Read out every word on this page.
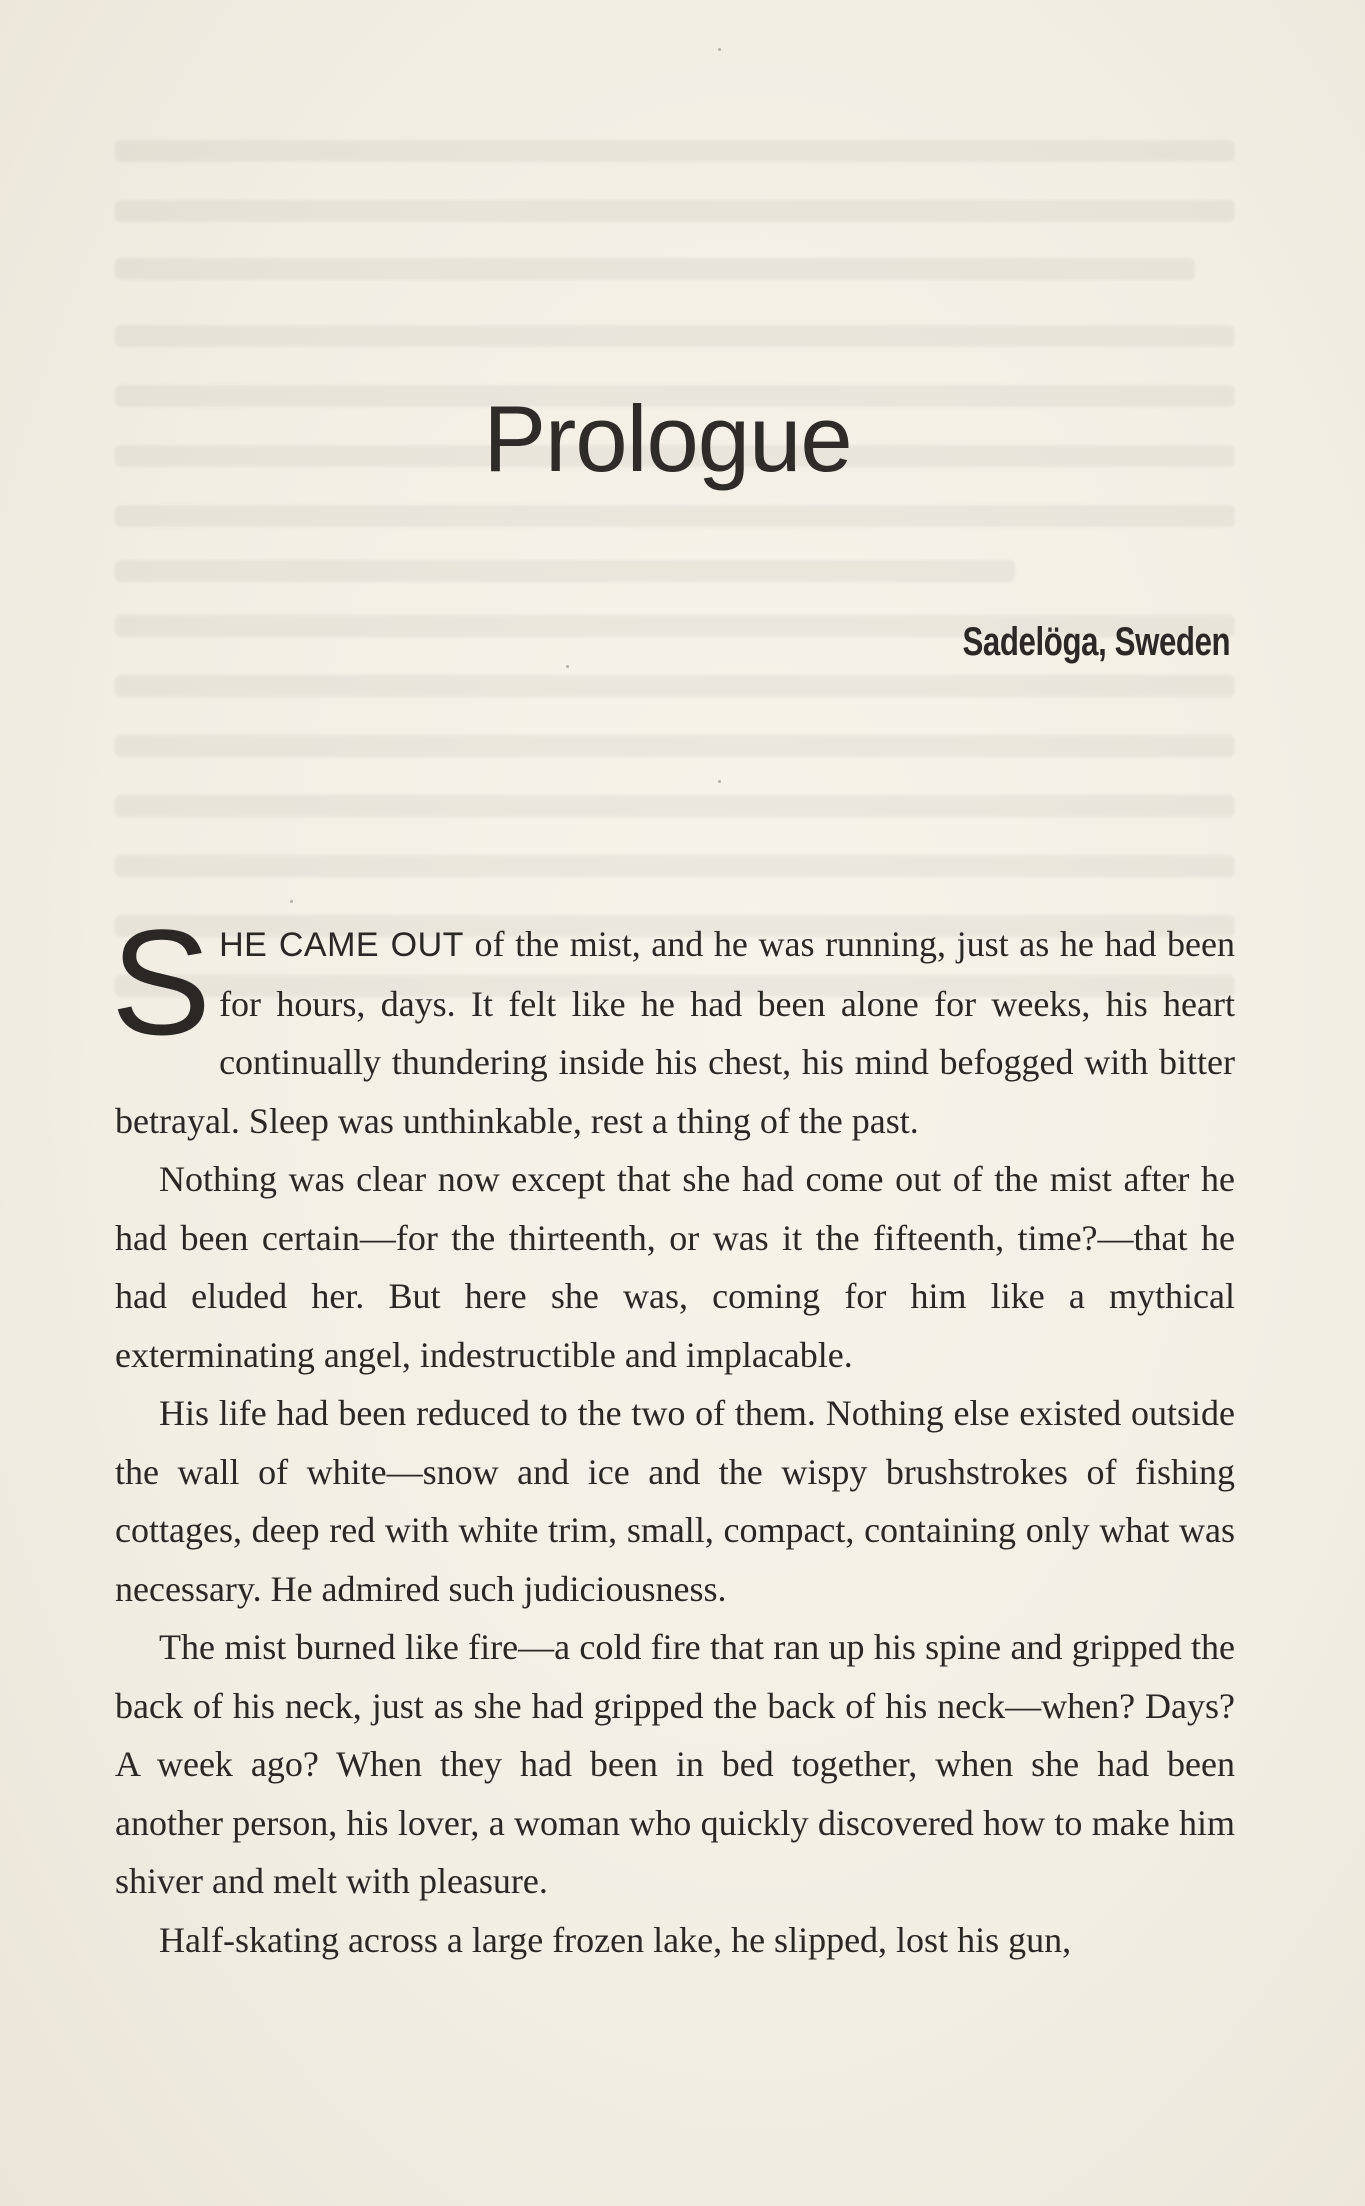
Prologue
Sadelöga, Sweden

SHE CAME OUT of the mist, and he was running, just as he had been for hours, days. It felt like he had been alone for weeks, his heart continually thundering inside his chest, his mind befogged with bitter betrayal. Sleep was unthinkable, rest a thing of the past.

Nothing was clear now except that she had come out of the mist after he had been certain—for the thirteenth, or was it the fifteenth, time?—that he had eluded her. But here she was, coming for him like a mythical exterminating angel, indestructible and implacable.

His life had been reduced to the two of them. Nothing else existed outside the wall of white—snow and ice and the wispy brushstrokes of fishing cottages, deep red with white trim, small, compact, containing only what was necessary. He admired such judiciousness.

The mist burned like fire—a cold fire that ran up his spine and gripped the back of his neck, just as she had gripped the back of his neck—when? Days? A week ago? When they had been in bed together, when she had been another person, his lover, a woman who quickly discovered how to make him shiver and melt with pleasure.

Half-skating across a large frozen lake, he slipped, lost his gun,
